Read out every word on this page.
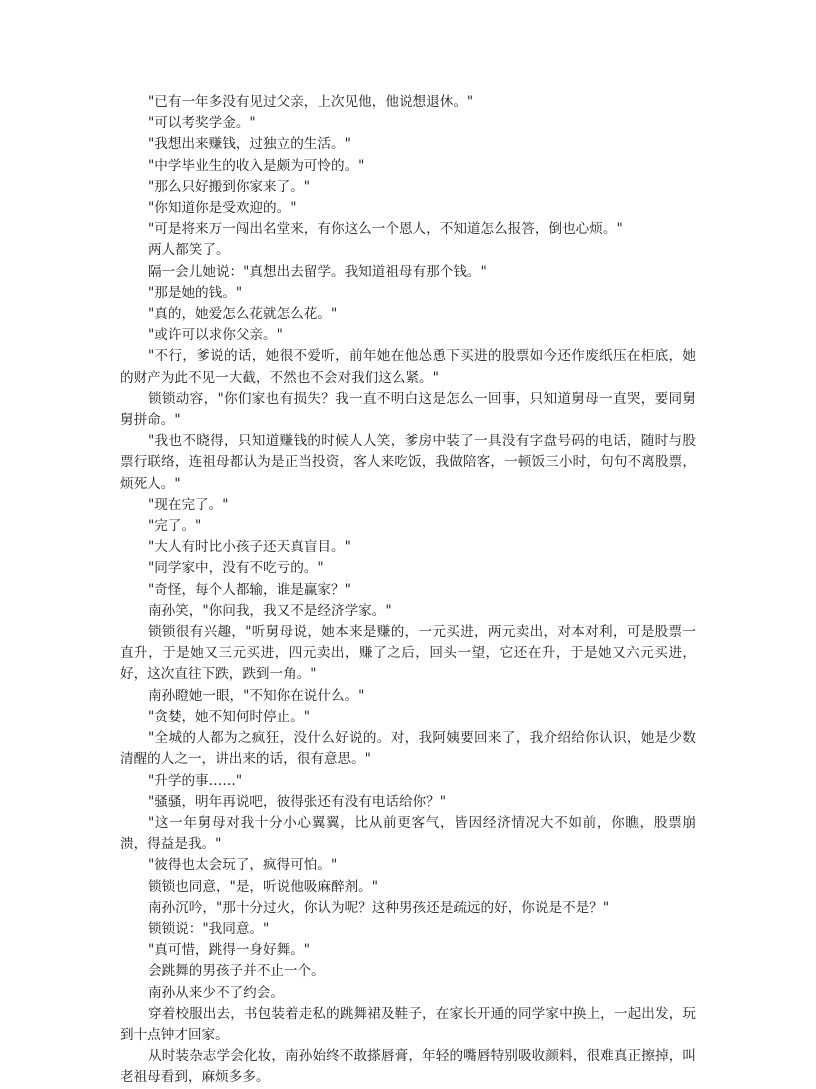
"已有一年多没有见过父亲，上次见他，他说想退休。"

"可以考奖学金。"

"我想出来赚钱，过独立的生活。"

"中学毕业生的收入是颇为可怜的。"

"那么只好搬到你家来了。"

"你知道你是受欢迎的。"

"可是将来万一闯出名堂来，有你这么一个恩人，不知道怎么报答，倒也心烦。"

两人都笑了。

隔一会儿她说："真想出去留学。我知道祖母有那个钱。"

"那是她的钱。"

"真的，她爱怎么花就怎么花。"

"或许可以求你父亲。"

"不行，爹说的话，她很不爱听，前年她在他怂恿下买进的股票如今还作废纸压在柜底，她的财产为此不见一大截，不然也不会对我们这么紧。"

锁锁动容，"你们家也有损失？我一直不明白这是怎么一回事，只知道舅母一直哭，要同舅舅拼命。"

"我也不晓得，只知道赚钱的时候人人笑，爹房中装了一具没有字盘号码的电话，随时与股票行联络，连祖母都认为是正当投资，客人来吃饭，我做陪客，一顿饭三小时，句句不离股票，烦死人。"

"现在完了。"

"完了。"

"大人有时比小孩子还天真盲目。"

"同学家中，没有不吃亏的。"

"奇怪，每个人都输，谁是赢家？"

南孙笑，"你问我，我又不是经济学家。"

锁锁很有兴趣，"听舅母说，她本来是赚的，一元买进，两元卖出，对本对利，可是股票一直升，于是她又三元买进，四元卖出，赚了之后，回头一望，它还在升，于是她又六元买进，好，这次直往下跌，跌到一角。"

南孙瞪她一眼，"不知你在说什么。"

"贪婪，她不知何时停止。"

"全城的人都为之疯狂，没什么好说的。对，我阿姨要回来了，我介绍给你认识，她是少数清醒的人之一，讲出来的话，很有意思。"

"升学的事……"

"骚骚，明年再说吧，彼得张还有没有电话给你？"

"这一年舅母对我十分小心翼翼，比从前更客气，皆因经济情况大不如前，你瞧，股票崩溃，得益是我。"

"彼得也太会玩了，疯得可怕。"

锁锁也同意，"是，听说他吸麻醉剂。"

南孙沉吟，"那十分过火，你认为呢？这种男孩还是疏远的好，你说是不是？"

锁锁说："我同意。"

"真可惜，跳得一身好舞。"

会跳舞的男孩子并不止一个。

南孙从来少不了约会。

穿着校服出去，书包装着走私的跳舞裙及鞋子，在家长开通的同学家中换上，一起出发，玩到十点钟才回家。

从时装杂志学会化妆，南孙始终不敢搽唇膏，年轻的嘴唇特别吸收颜料，很难真正擦掉，叫老祖母看到，麻烦多多。
